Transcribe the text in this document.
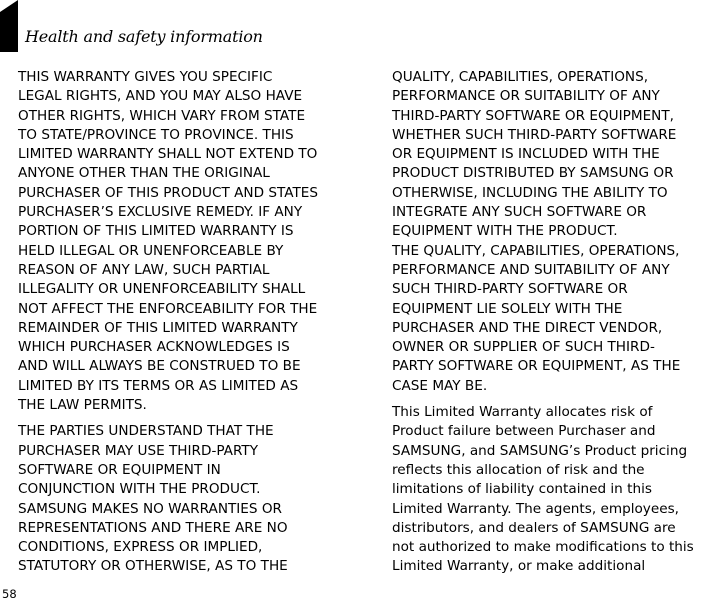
Health and safety information

THIS WARRANTY GIVES YOU SPECIFIC
LEGAL RIGHTS, AND YOU MAY ALSO HAVE
OTHER RIGHTS, WHICH VARY FROM STATE
TO STATE/PROVINCE TO PROVINCE. THIS
LIMITED WARRANTY SHALL NOT EXTEND TO
ANYONE OTHER THAN THE ORIGINAL
PURCHASER OF THIS PRODUCT AND STATES
PURCHASER’S EXCLUSIVE REMEDY. IF ANY
PORTION OF THIS LIMITED WARRANTY IS
HELD ILLEGAL OR UNENFORCEABLE BY
REASON OF ANY LAW, SUCH PARTIAL
ILLEGALITY OR UNENFORCEABILITY SHALL
NOT AFFECT THE ENFORCEABILITY FOR THE
REMAINDER OF THIS LIMITED WARRANTY
WHICH PURCHASER ACKNOWLEDGES IS
AND WILL ALWAYS BE CONSTRUED TO BE
LIMITED BY ITS TERMS OR AS LIMITED AS
THE LAW PERMITS.

THE PARTIES UNDERSTAND THAT THE
PURCHASER MAY USE THIRD-PARTY
SOFTWARE OR EQUIPMENT IN
CONJUNCTION WITH THE PRODUCT.
SAMSUNG MAKES NO WARRANTIES OR
REPRESENTATIONS AND THERE ARE NO
CONDITIONS, EXPRESS OR IMPLIED,
STATUTORY OR OTHERWISE, AS TO THE

QUALITY, CAPABILITIES, OPERATIONS,
PERFORMANCE OR SUITABILITY OF ANY
THIRD-PARTY SOFTWARE OR EQUIPMENT,
WHETHER SUCH THIRD-PARTY SOFTWARE
OR EQUIPMENT IS INCLUDED WITH THE
PRODUCT DISTRIBUTED BY SAMSUNG OR
OTHERWISE, INCLUDING THE ABILITY TO
INTEGRATE ANY SUCH SOFTWARE OR
EQUIPMENT WITH THE PRODUCT.
THE QUALITY, CAPABILITIES, OPERATIONS,
PERFORMANCE AND SUITABILITY OF ANY
SUCH THIRD-PARTY SOFTWARE OR
EQUIPMENT LIE SOLELY WITH THE
PURCHASER AND THE DIRECT VENDOR,
OWNER OR SUPPLIER OF SUCH THIRD-
PARTY SOFTWARE OR EQUIPMENT, AS THE
CASE MAY BE.

This Limited Warranty allocates risk of
Product failure between Purchaser and
SAMSUNG, and SAMSUNG’s Product pricing
reflects this allocation of risk and the
limitations of liability contained in this
Limited Warranty. The agents, employees,
distributors, and dealers of SAMSUNG are
not authorized to make modifications to this
Limited Warranty, or make additional

58
